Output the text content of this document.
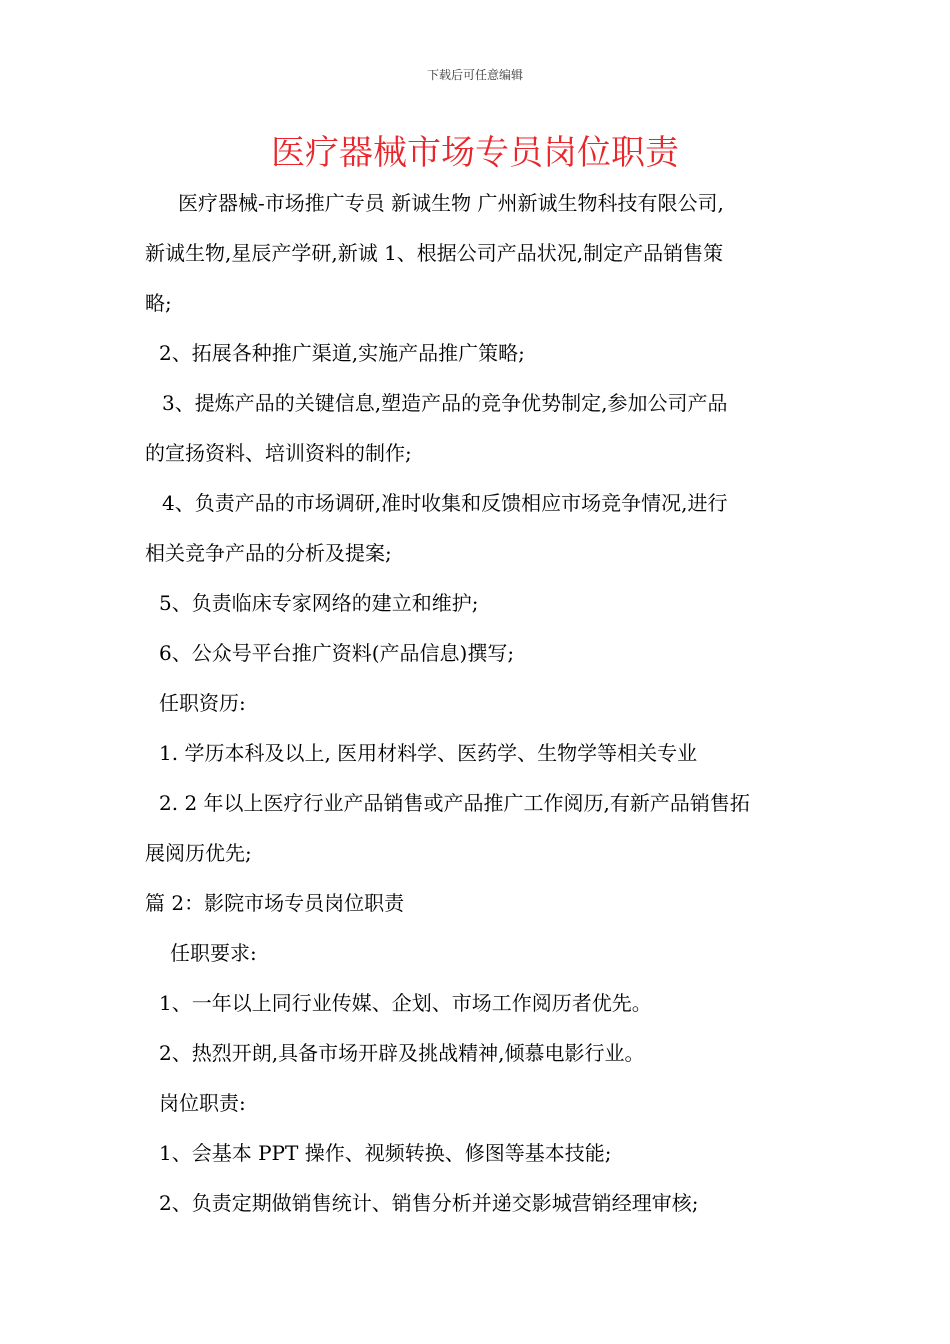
下载后可任意编辑
医疗器械市场专员岗位职责

医疗器械-市场推广专员 新诚生物 广州新诚生物科技有限公司,

新诚生物,星辰产学研,新诚 1、根据公司产品状况,制定产品销售策

略;

2、拓展各种推广渠道,实施产品推广策略;

3、提炼产品的关键信息,塑造产品的竞争优势制定,参加公司产品

的宣扬资料、培训资料的制作;

4、负责产品的市场调研,准时收集和反馈相应市场竞争情况,进行

相关竞争产品的分析及提案;

5、负责临床专家网络的建立和维护;

6、公众号平台推广资料(产品信息)撰写;

任职资历:

1. 学历本科及以上, 医用材料学、医药学、生物学等相关专业

2. 2 年以上医疗行业产品销售或产品推广工作阅历,有新产品销售拓

展阅历优先;

篇 2：影院市场专员岗位职责

任职要求:

1、一年以上同行业传媒、企划、市场工作阅历者优先。

2、热烈开朗,具备市场开辟及挑战精神,倾慕电影行业。

岗位职责:

1、会基本 PPT 操作、视频转换、修图等基本技能;

2、负责定期做销售统计、销售分析并递交影城营销经理审核;
